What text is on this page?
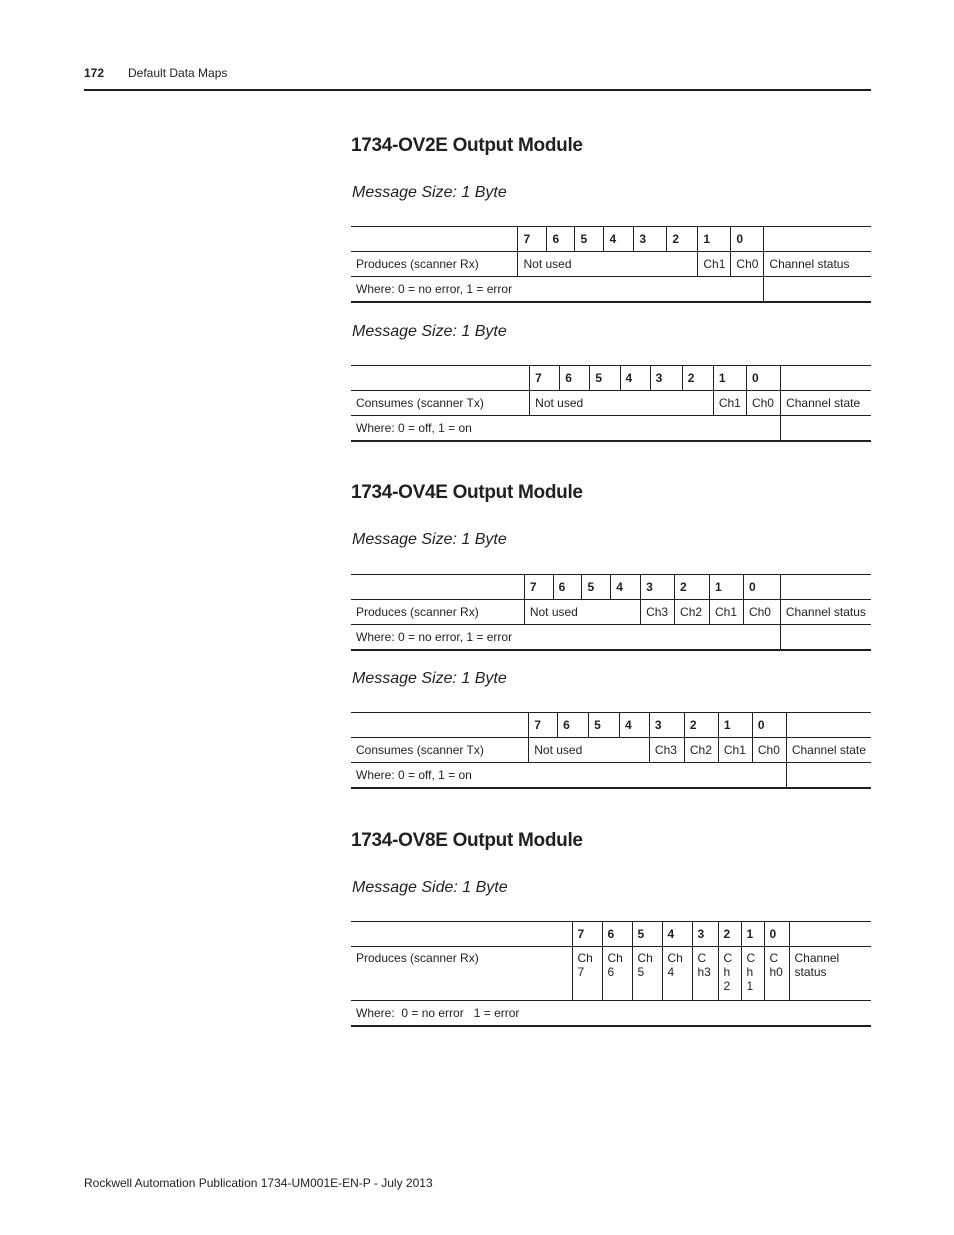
172 Default Data Maps
1734-OV2E Output Module
Message Size: 1 Byte
	7	6	5	4	3	2	1	0	
Produces (scanner Rx)	Not used						Ch1	Ch0	Channel status
Where: 0 = no error, 1 = error									
Message Size: 1 Byte
	7	6	5	4	3	2	1	0	
Consumes (scanner Tx)	Not used						Ch1	Ch0	Channel state
Where: 0 = off, 1 = on									
1734-OV4E Output Module
Message Size: 1 Byte
	7	6	5	4	3	2	1	0	
Produces (scanner Rx)	Not used				Ch3	Ch2	Ch1	Ch0	Channel status
Where: 0 = no error, 1 = error									
Message Size: 1 Byte
	7	6	5	4	3	2	1	0	
Consumes (scanner Tx)	Not used				Ch3	Ch2	Ch1	Ch0	Channel state
Where: 0 = off, 1 = on									
1734-OV8E Output Module
Message Side: 1 Byte
	7	6	5	4	3	2	1	0	
Produces (scanner Rx)	Ch 7	Ch 6	Ch 5	Ch 4	C h3	C h 2	C h 1	C h0	Channel status
Where:  0 = no error   1 = error									
Rockwell Automation Publication 1734-UM001E-EN-P - July 2013
